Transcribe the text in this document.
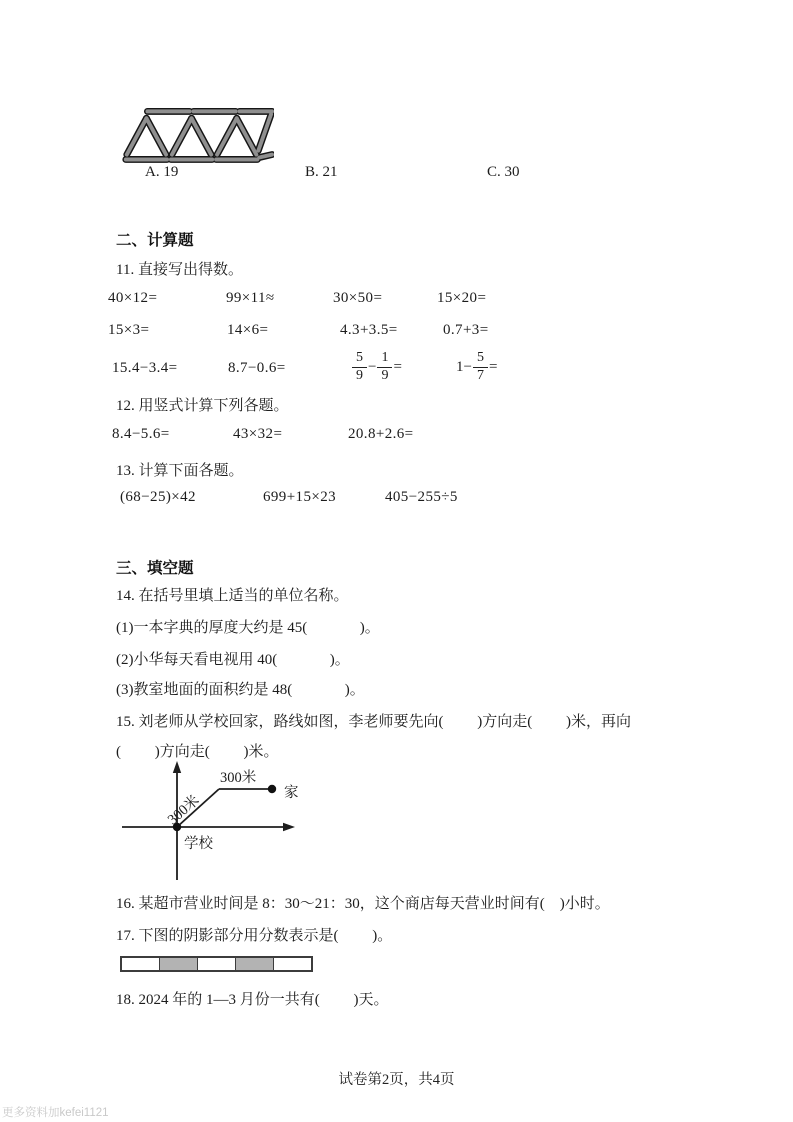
A. 19	B. 21	C. 30
二、计算题
11. 直接写出得数。
40×12=	99×11≈	30×50=	15×20=
15×3=	14×6=	4.3+3.5=	0.7+3=
15.4−3.4=	8.7−0.6=	$\frac{5}{9} - \frac{1}{9}$ =	$1- \frac{5}{7}$ =
12. 用竖式计算下列各题。
8.4−5.6=	43×32=	20.8+2.6=
13. 计算下面各题。
(68−25)×42	699+15×23	405−255÷5
三、填空题
14. 在括号里填上适当的单位名称。
(1)一本字典的厚度大约是 45(              )。
(2)小华每天看电视用 40(              )。
(3)教室地面的面积约是 48(              )。
15. 刘老师从学校回家，路线如图，李老师要先向(         )方向走(         )米，再向
(         )方向走(         )米。
300米
300米
家
学校
16. 某超市营业时间是 8：30～21：30，这个商店每天营业时间有(    )小时。
17. 下图的阴影部分用分数表示是(         )。
18. 2024 年的 1—3 月份一共有(         )天。
试卷第2页，共4页
更多资料加kefei1121
